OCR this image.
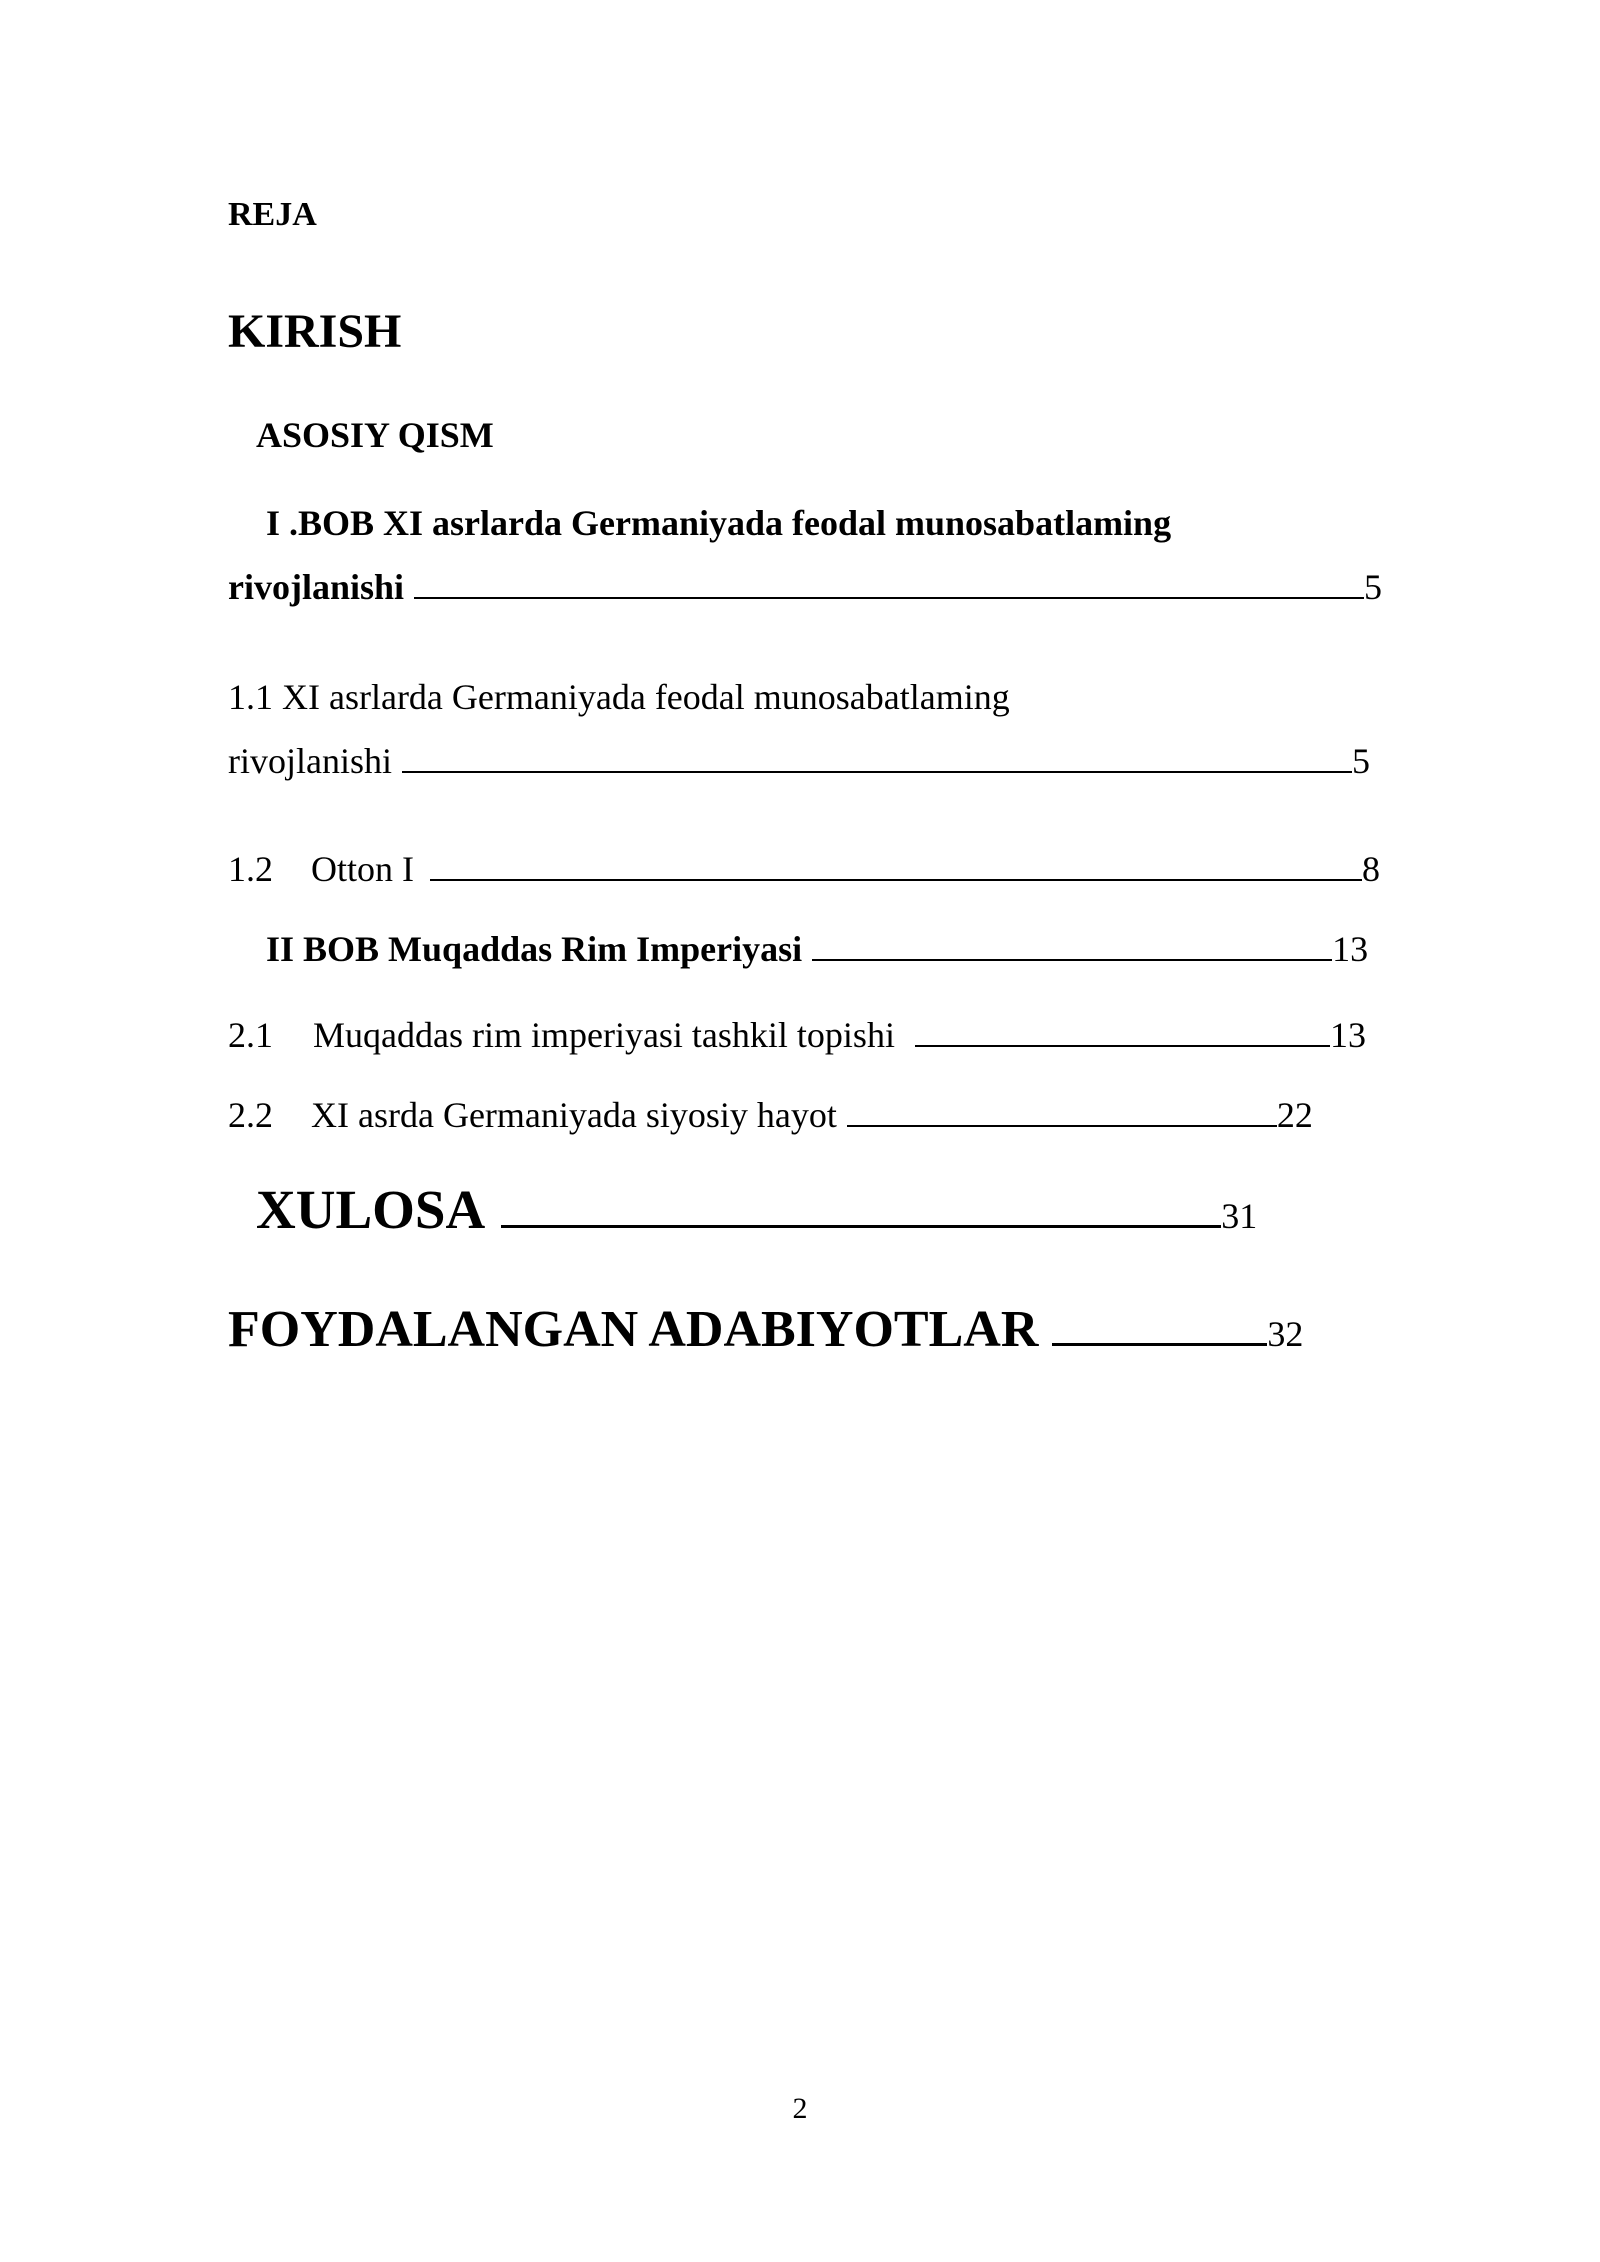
REJA
KIRISH
ASOSIY QISM
I .BOB XI asrlarda Germaniyada feodal munosabatlaming
rivojlanishi	5
1.1 XI asrlarda Germaniyada feodal munosabatlaming
rivojlanishi	5
1.2 Otton I	8
II BOB Muqaddas Rim Imperiyasi	13
2.1 Muqaddas rim imperiyasi tashkil topishi	13
2.2 XI asrda Germaniyada siyosiy hayot	22
XULOSA	31
FOYDALANGAN ADABIYOTLAR	32
2
